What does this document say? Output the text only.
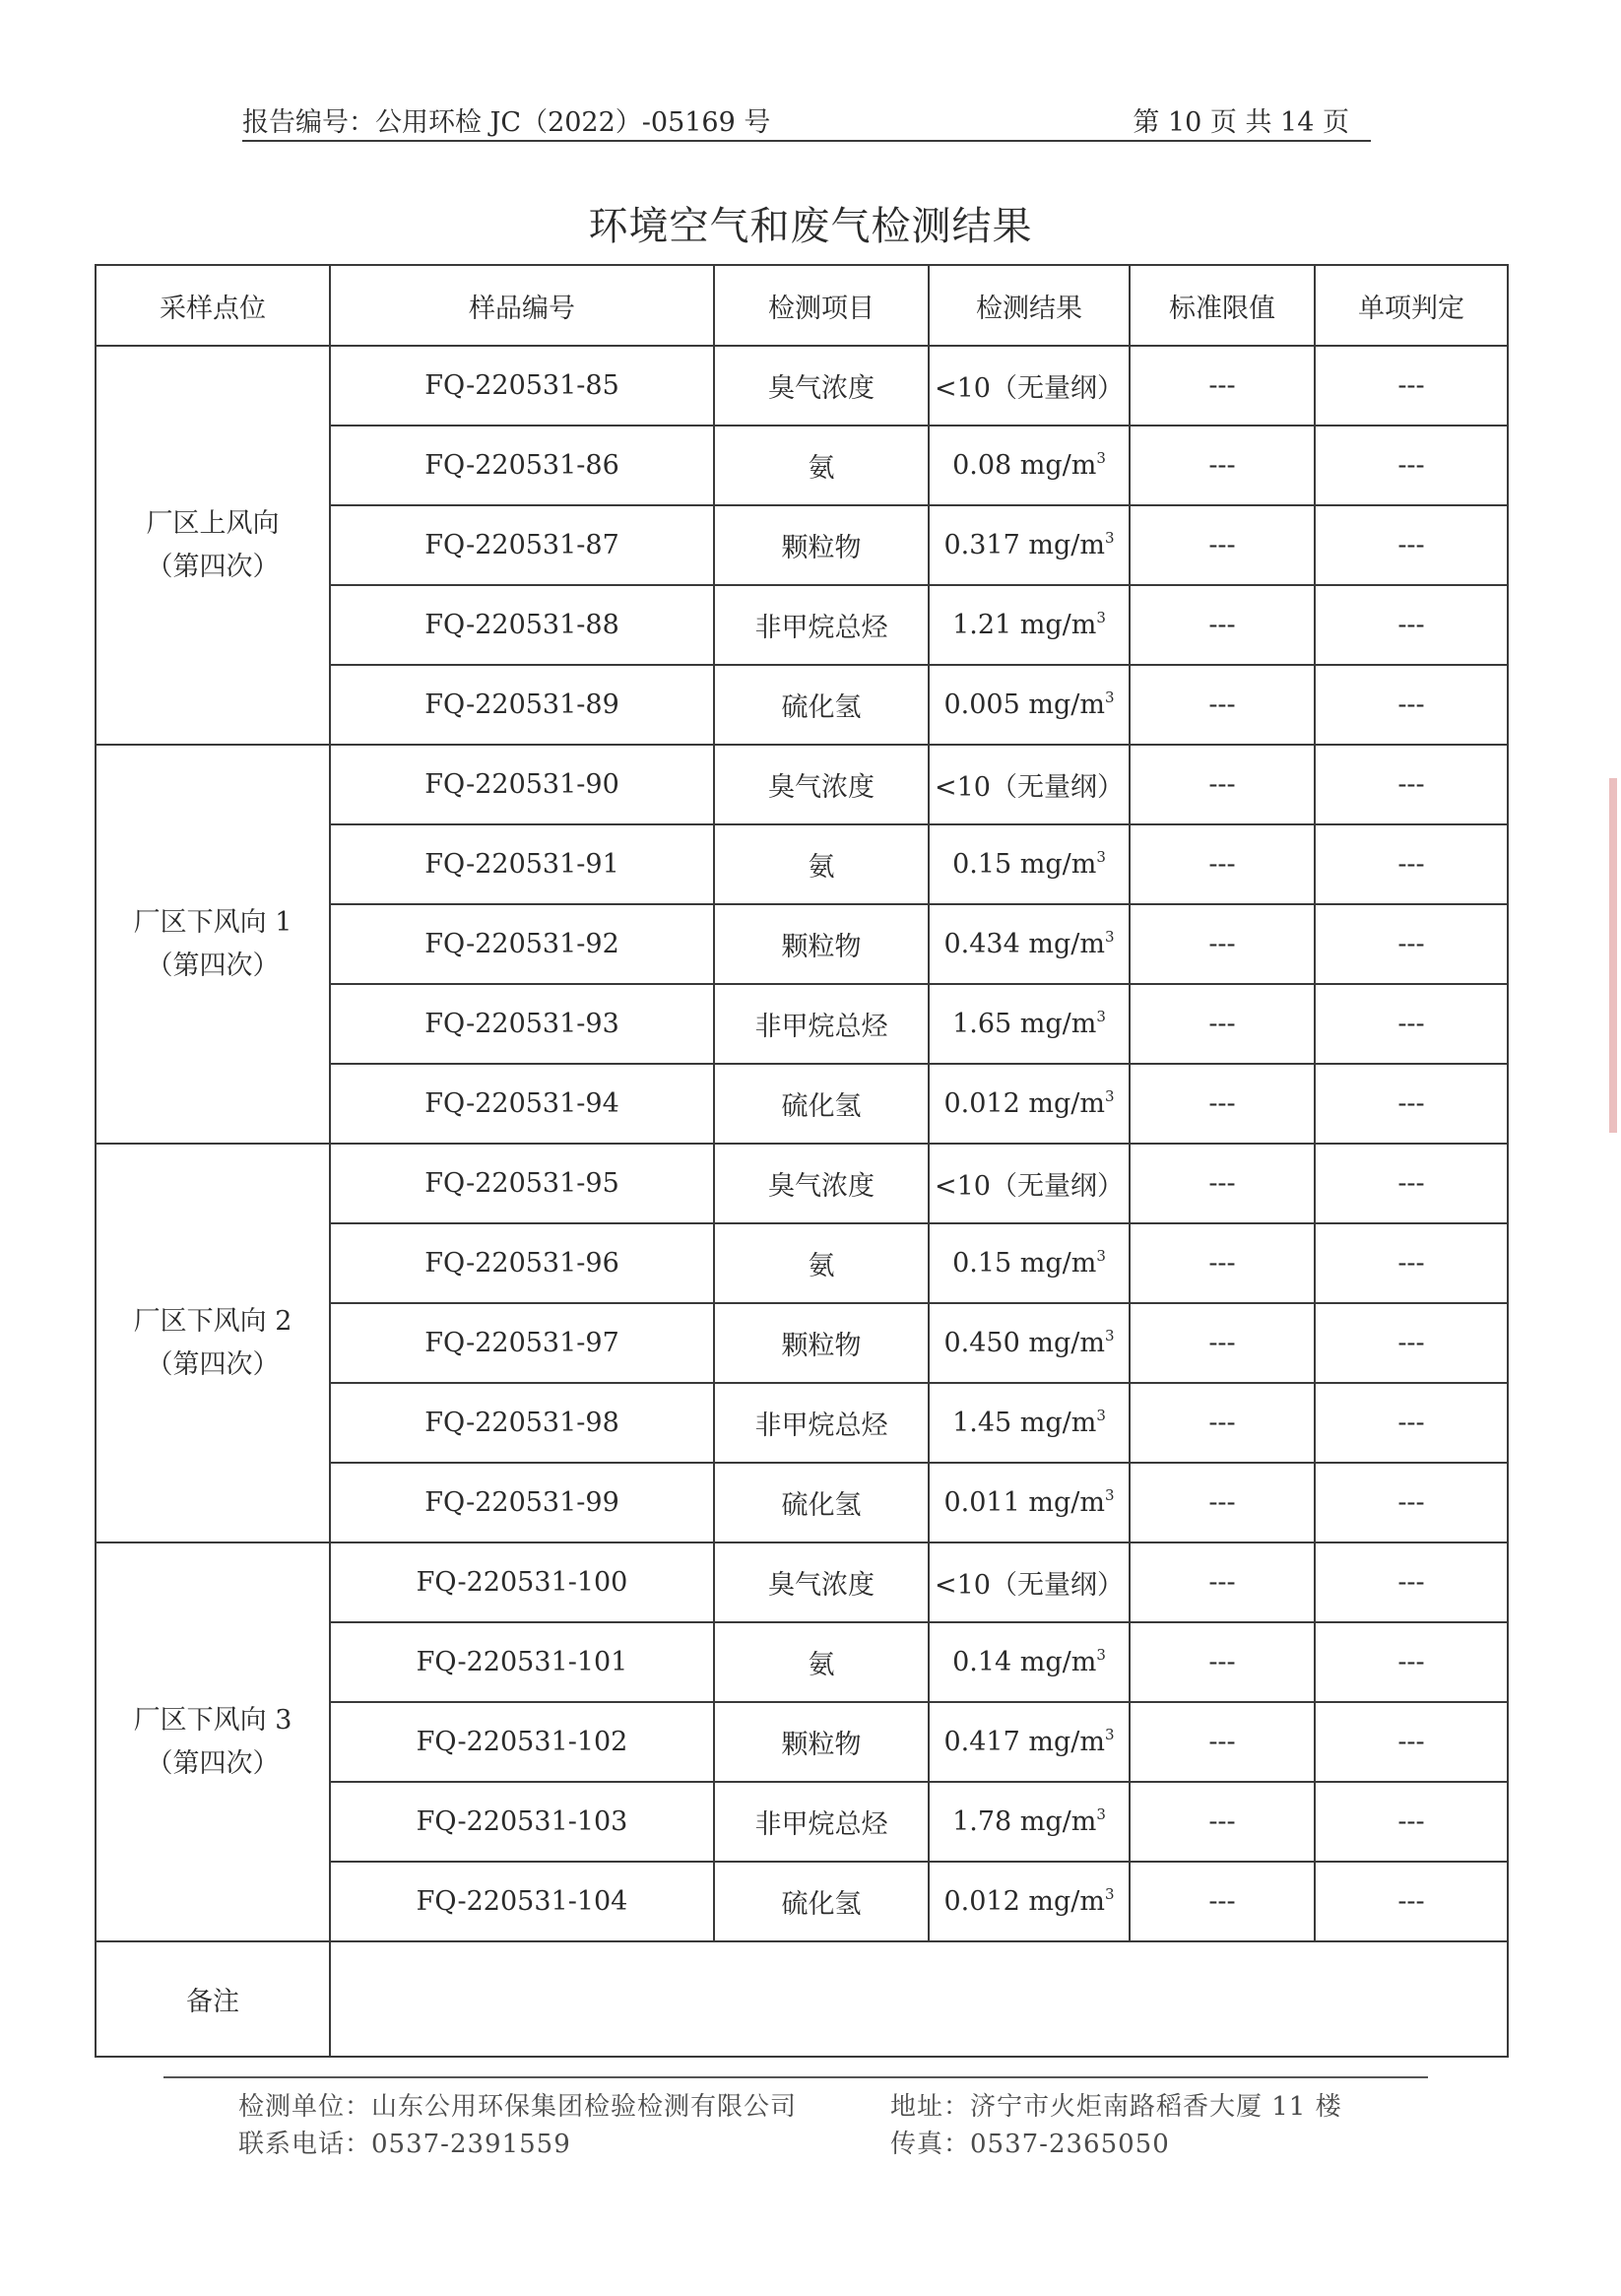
报告编号：公用环检 JC（2022）-05169 号	第 10 页 共 14 页
环境空气和废气检测结果
采样点位	样品编号	检测项目	检测结果	标准限值	单项判定

厂区上风向
（第四次）	FQ-220531-85	臭气浓度	<10（无量纲）	---	---
	FQ-220531-86	氨	0.08 $mg/m^3$	---	---
	FQ-220531-87	颗粒物	0.317 $mg/m^3$	---	---
	FQ-220531-88	非甲烷总烃	1.21 $mg/m^3$	---	---
	FQ-220531-89	硫化氢	0.005 $mg/m^3$	---	---

厂区下风向 1
（第四次）	FQ-220531-90	臭气浓度	<10（无量纲）	---	---
	FQ-220531-91	氨	0.15 $mg/m^3$	---	---
	FQ-220531-92	颗粒物	0.434 $mg/m^3$	---	---
	FQ-220531-93	非甲烷总烃	1.65 $mg/m^3$	---	---
	FQ-220531-94	硫化氢	0.012 $mg/m^3$	---	---

厂区下风向 2
（第四次）	FQ-220531-95	臭气浓度	<10（无量纲）	---	---
	FQ-220531-96	氨	0.15 $mg/m^3$	---	---
	FQ-220531-97	颗粒物	0.450 $mg/m^3$	---	---
	FQ-220531-98	非甲烷总烃	1.45 $mg/m^3$	---	---
	FQ-220531-99	硫化氢	0.011 $mg/m^3$	---	---

厂区下风向 3
（第四次）	FQ-220531-100	臭气浓度	<10（无量纲）	---	---
	FQ-220531-101	氨	0.14 $mg/m^3$	---	---
	FQ-220531-102	颗粒物	0.417 $mg/m^3$	---	---
	FQ-220531-103	非甲烷总烃	1.78 $mg/m^3$	---	---
	FQ-220531-104	硫化氢	0.012 $mg/m^3$	---	---
备注					
检测单位：山东公用环保集团检验检测有限公司
联系电话：0537-2391559
地址：济宁市火炬南路稻香大厦 11 楼
传真：0537-2365050
